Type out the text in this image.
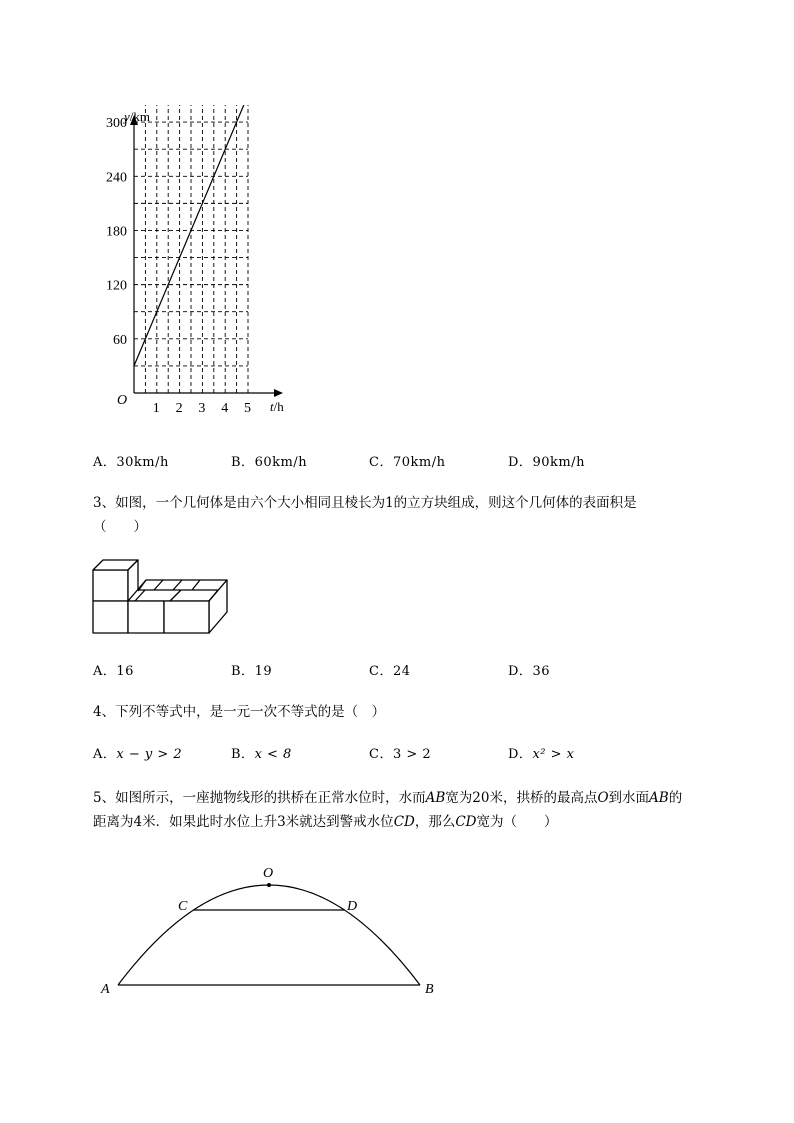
1 2 3 4 5
60
120
180
240
300
O
y/km
t/h
A．30km/h	B．60km/h	C．70km/h	D．90km/h
3、如图，一个几何体是由六个大小相同且棱长为1的立方块组成，则这个几何体的表面积是
（　　）
A．16	B．19	C．24	D．36
4、下列不等式中，是一元一次不等式的是（　）
A．x − y > 2	B．x < 8	C．3 > 2	D．x² > x
5、如图所示，一座抛物线形的拱桥在正常水位时，水而AB宽为20米，拱桥的最高点O到水面AB的
距离为4米．如果此时水位上升3米就达到警戒水位CD，那么CD宽为（　　）
O
C	D
A	B
